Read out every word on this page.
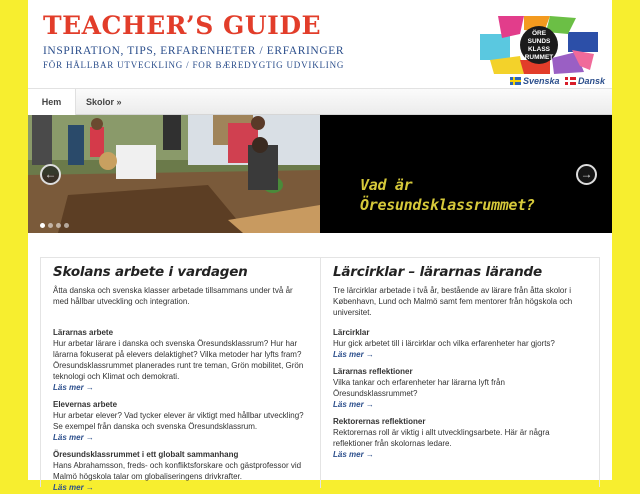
TEACHER’S GUIDE
INSPIRATION, TIPS, ERFARENHETER / ERFARINGER
FÖR HÅLLBAR UTVECKLING / FOR BÆREDYGTIG UDVIKLING
ÖRE
SUNDS
KLASS
RUMMET
Svenska Dansk
Hem	Skolor »
Vad är
Öresundsklassrummet?
←	→
Skolans arbete i vardagen
Åtta danska och svenska klasser arbetade tillsammans under två år med hållbar utveckling och integration.
Lärarnas arbete
Hur arbetar lärare i danska och svenska Öresundsklassrum? Hur har lärarna fokuserat på elevers delaktighet? Vilka metoder har lyfts fram? Öresundsklassrummet planerades runt tre teman, Grön mobilitet, Grön teknologi och Klimat och demokrati.
Läs mer →
Elevernas arbete
Hur arbetar elever? Vad tycker elever är viktigt med hållbar utveckling? Se exempel från danska och svenska Öresundsklassrum.
Läs mer →
Öresundsklassrummet i ett globalt sammanhang
Hans Abrahamsson, freds- och konfliktsforskare och gästprofessor vid Malmö högskola talar om globaliseringens drivkrafter.
Läs mer →
Lärcirklar – lärarnas lärande
Tre lärcirklar arbetade i två år, bestående av lärare från åtta skolor i København, Lund och Malmö samt fem mentorer från högskola och universitet.
Lärcirklar
Hur gick arbetet till i lärcirklar och vilka erfarenheter har gjorts?
Läs mer →
Lärarnas reflektioner
Vilka tankar och erfarenheter har lärarna lyft från Öresundsklassrummet?
Läs mer →
Rektorernas reflektioner
Rektorernas roll är viktig i allt utvecklingsarbete. Här är några reflektioner från skolornas ledare.
Läs mer →
